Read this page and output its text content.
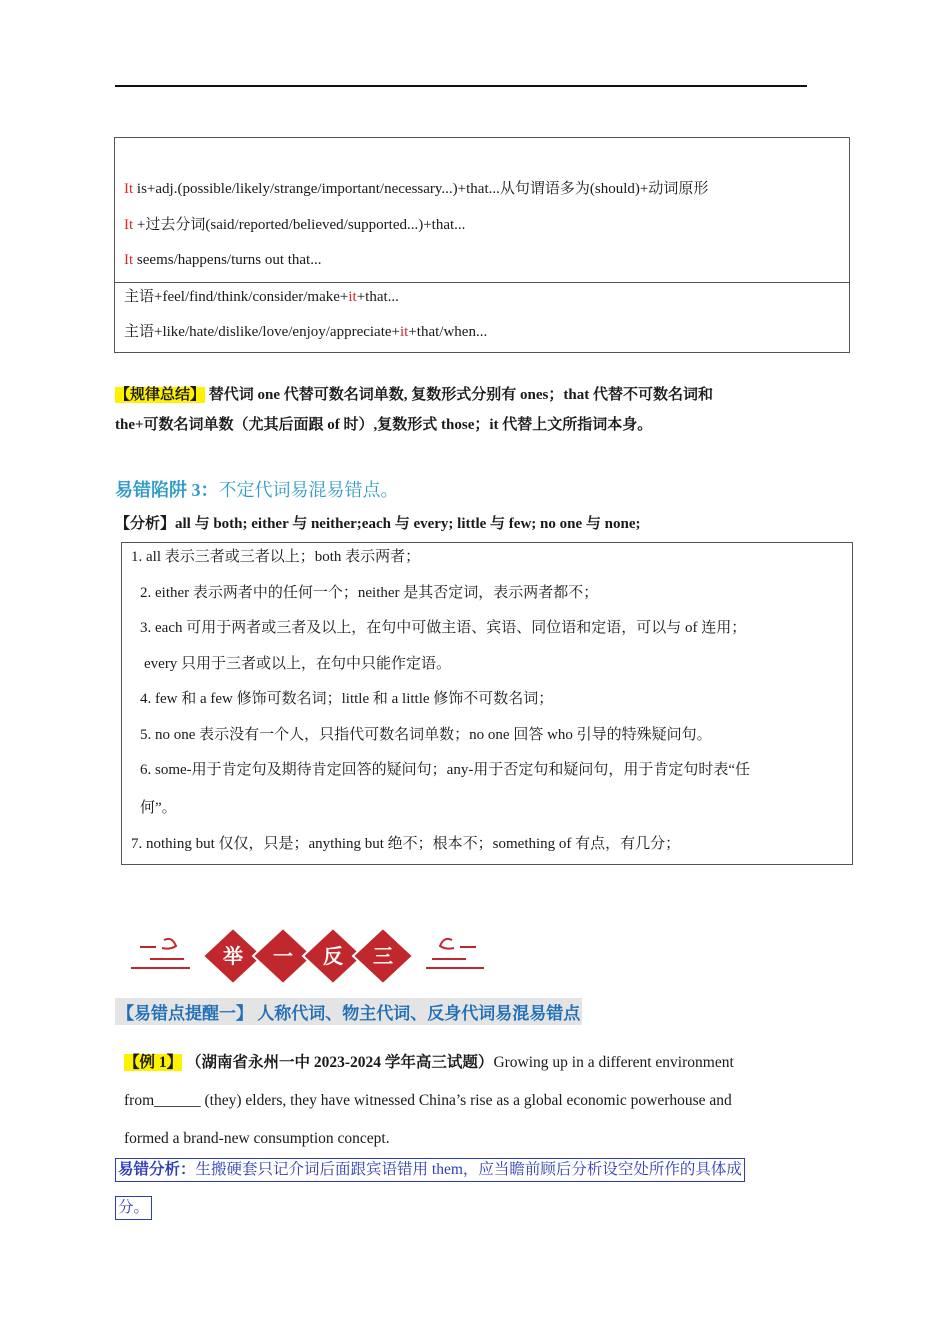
It is+adj.(possible/likely/strange/important/necessary...)+that...从句谓语多为(should)+动词原形
It +过去分词(said/reported/believed/supported...)+that...
It seems/happens/turns out that...
主语+feel/find/think/consider/make+it+that...
主语+like/hate/dislike/love/enjoy/appreciate+it+that/when...
【规律总结】 替代词 one 代替可数名词单数, 复数形式分别有 ones；that 代替不可数名词和
the+可数名词单数（尤其后面跟 of 时）,复数形式 those；it 代替上文所指词本身。
易错陷阱 3：不定代词易混易错点。
【分析】all 与 both; either 与 neither;each 与 every; little 与 few; no one 与 none;
1. all 表示三者或三者以上；both 表示两者；
2. either 表示两者中的任何一个；neither 是其否定词，表示两者都不；
3. each 可用于两者或三者及以上，在句中可做主语、宾语、同位语和定语，可以与 of 连用；
every 只用于三者或以上，在句中只能作定语。
4. few 和 a few 修饰可数名词；little 和 a little 修饰不可数名词；
5. no one 表示没有一个人，只指代可数名词单数；no one 回答 who 引导的特殊疑问句。
6. some-用于肯定句及期待肯定回答的疑问句；any-用于否定句和疑问句，用于肯定句时表“任
何”。
7. nothing but 仅仅，只是；anything but 绝不；根本不；something of 有点，有几分；
举 一 反 三
【易错点提醒一】 人称代词、物主代词、反身代词易混易错点
【例 1】 （湖南省永州一中 2023-2024 学年高三试题）Growing up in a different environment
from______ (they) elders, they have witnessed China’s rise as a global economic powerhouse and
formed a brand-new consumption concept.
易错分析：生搬硬套只记介词后面跟宾语错用 them，应当瞻前顾后分析设空处所作的具体成
分。
